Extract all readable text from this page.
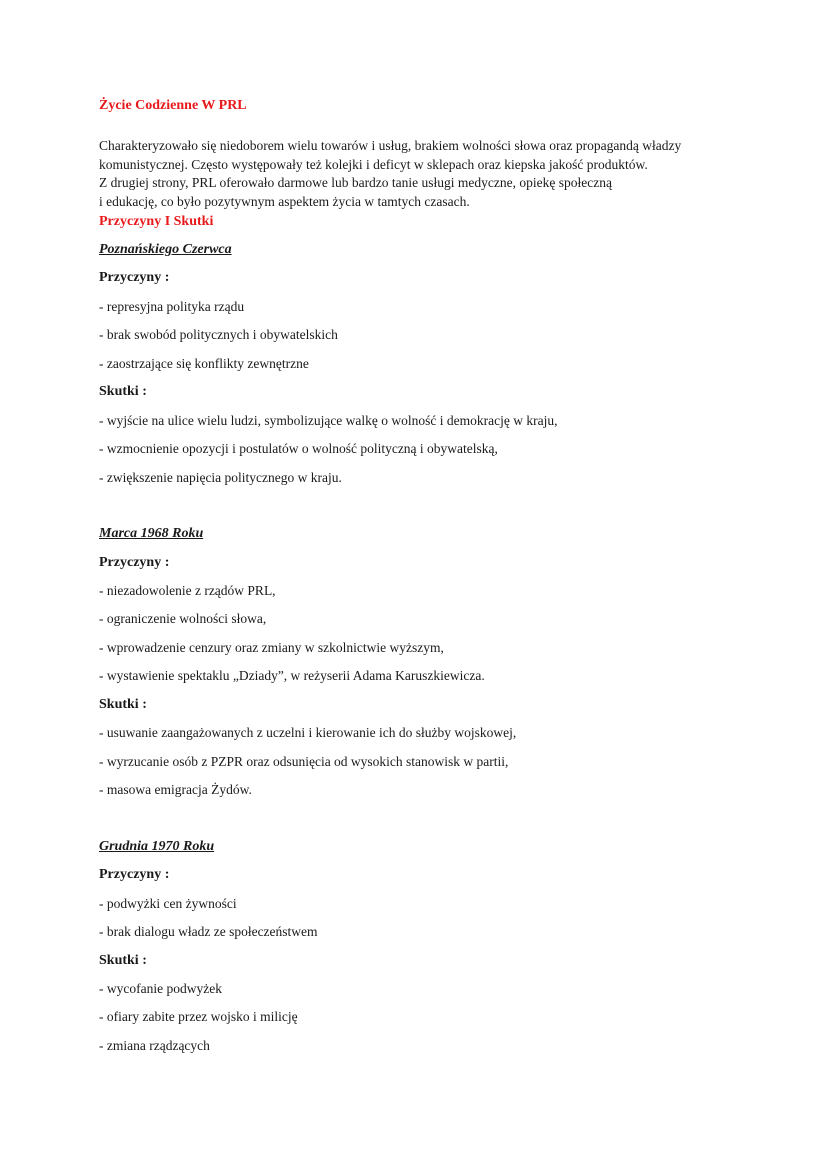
Życie Codzienne W PRL

Charakteryzowało się niedoborem wielu towarów i usług, brakiem wolności słowa oraz propagandą władzy
komunistycznej. Często występowały też kolejki i deficyt w sklepach oraz kiepska jakość produktów.
Z drugiej strony, PRL oferowało darmowe lub bardzo tanie usługi medyczne, opiekę społeczną
i edukację, co było pozytywnym aspektem życia w tamtych czasach.

Przyczyny I Skutki

Poznańskiego Czerwca

Przyczyny :

- represyjna polityka rządu

- brak swobód politycznych i obywatelskich

- zaostrzające się konflikty zewnętrzne

Skutki :

- wyjście na ulice wielu ludzi, symbolizujące walkę o wolność i demokrację w kraju,

- wzmocnienie opozycji i postulatów o wolność polityczną i obywatelską,

- zwiększenie napięcia politycznego w kraju.

Marca 1968 Roku

Przyczyny :

- niezadowolenie z rządów PRL,

- ograniczenie wolności słowa,

- wprowadzenie cenzury oraz zmiany w szkolnictwie wyższym,

- wystawienie spektaklu „Dziady”, w reżyserii Adama Karuszkiewicza.

Skutki :

- usuwanie zaangażowanych z uczelni i kierowanie ich do służby wojskowej,

- wyrzucanie osób z PZPR oraz odsunięcia od wysokich stanowisk w partii,

- masowa emigracja Żydów.

Grudnia 1970 Roku

Przyczyny :

- podwyżki cen żywności

- brak dialogu władz ze społeczeństwem

Skutki :

- wycofanie podwyżek

- ofiary zabite przez wojsko i milicję

- zmiana rządzących
